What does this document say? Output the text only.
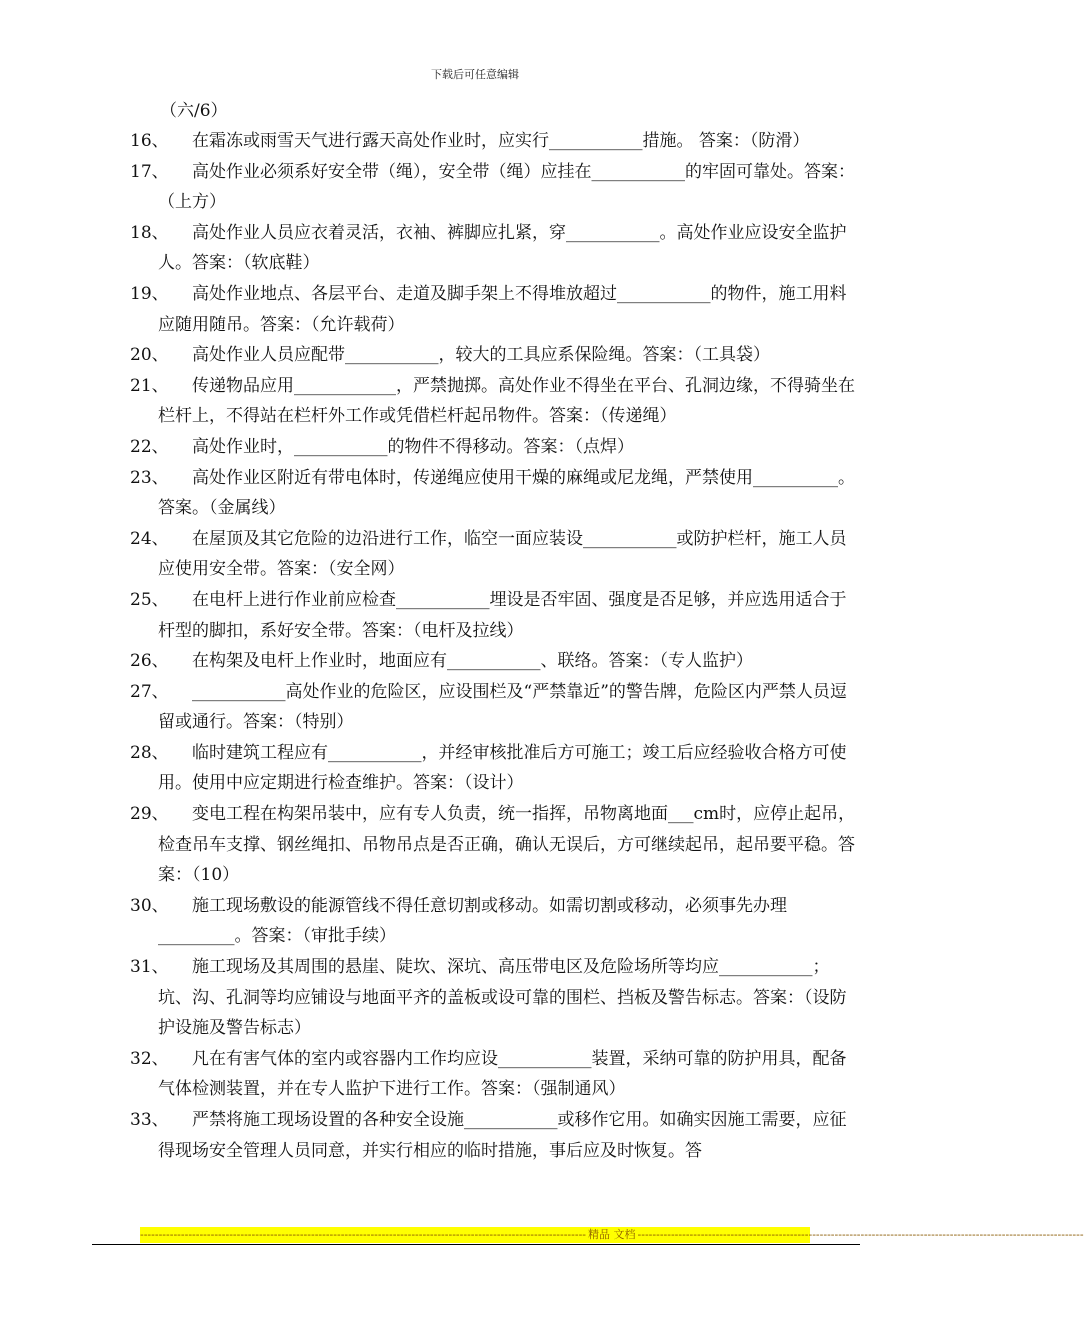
下载后可任意编辑
（六/6）
16、	在霜冻或雨雪天气进行露天高处作业时，应实行___________措施。 答案：（防滑）
17、	高处作业必须系好安全带（绳），安全带（绳）应挂在___________的牢固可靠处。答案：（上方）
18、	高处作业人员应衣着灵活，衣袖、裤脚应扎紧，穿___________。高处作业应设安全监护人。答案：（软底鞋）
19、	高处作业地点、各层平台、走道及脚手架上不得堆放超过___________的物件，施工用料应随用随吊。答案：（允许载荷）
20、	高处作业人员应配带___________，较大的工具应系保险绳。答案：（工具袋）
21、	传递物品应用____________，严禁抛掷。高处作业不得坐在平台、孔洞边缘，不得骑坐在栏杆上，不得站在栏杆外工作或凭借栏杆起吊物件。答案：（传递绳）
22、	高处作业时，___________的物件不得移动。答案：（点焊）
23、	高处作业区附近有带电体时，传递绳应使用干燥的麻绳或尼龙绳，严禁使用__________。 答案。（金属线）
24、	在屋顶及其它危险的边沿进行工作，临空一面应装设___________或防护栏杆，施工人员应使用安全带。答案：（安全网）
25、	在电杆上进行作业前应检查___________埋设是否牢固、强度是否足够，并应选用适合于杆型的脚扣，系好安全带。答案：（电杆及拉线）
26、	在构架及电杆上作业时，地面应有___________、联络。答案：（专人监护）
27、	___________高处作业的危险区，应设围栏及“严禁靠近”的警告牌，危险区内严禁人员逗留或通行。答案：（特别）
28、	临时建筑工程应有___________，并经审核批准后方可施工；竣工后应经验收合格方可使用。使用中应定期进行检查维护。答案：（设计）
29、	变电工程在构架吊装中，应有专人负责，统一指挥，吊物离地面___cm时，应停止起吊，检查吊车支撑、钢丝绳扣、吊物吊点是否正确，确认无误后，方可继续起吊，起吊要平稳。答案：（10）
30、	施工现场敷设的能源管线不得任意切割或移动。如需切割或移动，必须事先办理_________。答案：（审批手续）
31、	施工现场及其周围的悬崖、陡坎、深坑、高压带电区及危险场所等均应___________；坑、沟、孔洞等均应铺设与地面平齐的盖板或设可靠的围栏、挡板及警告标志。答案：（设防护设施及警告标志）
32、	凡在有害气体的室内或容器内工作均应设___________装置，采纳可靠的防护用具，配备气体检测装置，并在专人监护下进行工作。答案：（强制通风）
33、	严禁将施工现场设置的各种安全设施___________或移作它用。如确实因施工需要，应征得现场安全管理人员同意，并实行相应的临时措施，事后应及时恢复。答
------------------------------------------------------------------------------------------------------------------------ 精品 文档 ------------------------------------------------------------------------------------------------------------------------
